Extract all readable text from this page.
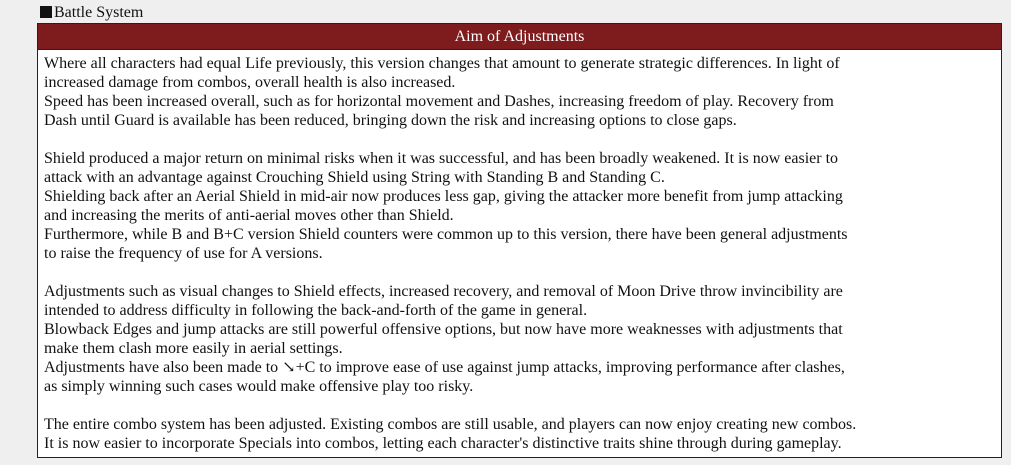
Battle System
Aim of Adjustments

Where all characters had equal Life previously, this version changes that amount to generate strategic differences. In light of
increased damage from combos, overall health is also increased.

Speed has been increased overall, such as for horizontal movement and Dashes, increasing freedom of play. Recovery from
Dash until Guard is available has been reduced, bringing down the risk and increasing options to close gaps.

Shield produced a major return on minimal risks when it was successful, and has been broadly weakened. It is now easier to
attack with an advantage against Crouching Shield using String with Standing B and Standing C.

Shielding back after an Aerial Shield in mid-air now produces less gap, giving the attacker more benefit from jump attacking
and increasing the merits of anti-aerial moves other than Shield.

Furthermore, while B and B+C version Shield counters were common up to this version, there have been general adjustments
to raise the frequency of use for A versions.

Adjustments such as visual changes to Shield effects, increased recovery, and removal of Moon Drive throw invincibility are
intended to address difficulty in following the back-and-forth of the game in general.

Blowback Edges and jump attacks are still powerful offensive options, but now have more weaknesses with adjustments that
make them clash more easily in aerial settings.

Adjustments have also been made to ↘+C to improve ease of use against jump attacks, improving performance after clashes,
as simply winning such cases would make offensive play too risky.

The entire combo system has been adjusted. Existing combos are still usable, and players can now enjoy creating new combos.
It is now easier to incorporate Specials into combos, letting each character's distinctive traits shine through during gameplay.
